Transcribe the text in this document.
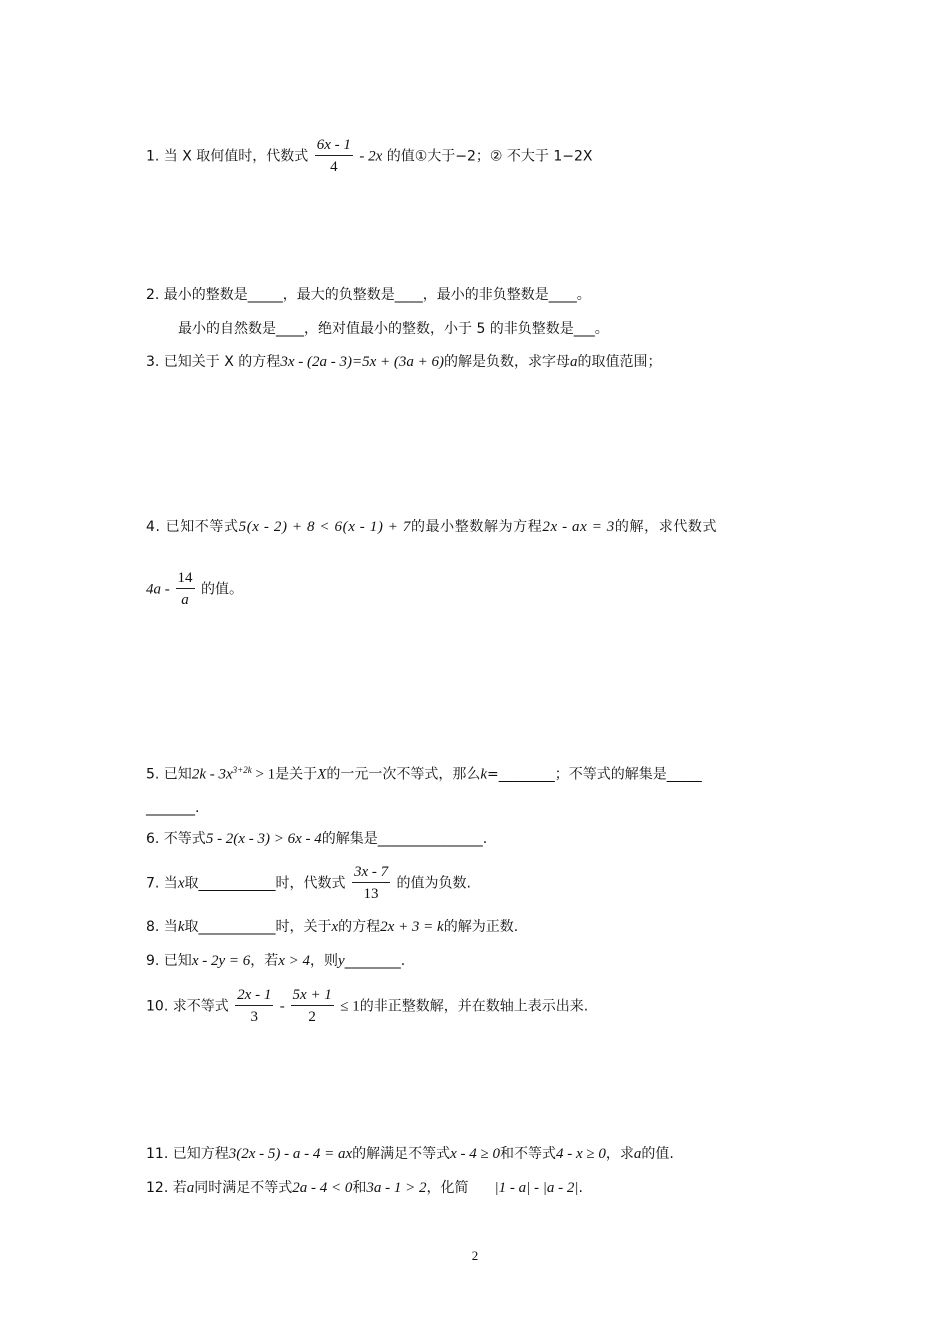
1. 当 X 取何值时，代数式 $\frac{6x - 1}{4} - 2x$ 的值①大于−2；② 不大于 1−2X
2. 最小的整数是_____，最大的负整数是____，最小的非负整数是____。
最小的自然数是____，绝对值最小的整数，小于 5 的非负整数是___。
3. 已知关于 X 的方程3x - (2a - 3)=5x + (3a + 6)的解是负数，求字母a的取值范围；
4. 已知不等式5(x - 2) + 8 < 6(x - 1) + 7的最小整数解为方程2x - ax = 3的解，求代数式
$4a - \frac{14}{a}$ 的值。
5. 已知$2k - 3x^{3+2k} > 1$是关于X的一元一次不等式，那么k=________；不等式的解集是_____
_______.
6. 不等式5 - 2(x - 3) > 6x - 4的解集是_______________.
7. 当x取___________时，代数式 $\frac{3x - 7}{13}$ 的值为负数.
8. 当k取___________时，关于x的方程2x + 3 = k的解为正数.
9. 已知x - 2y = 6，若x > 4，则y________.
10. 求不等式 $\frac{2x - 1}{3} - \frac{5x + 1}{2} \le 1$的非正整数解，并在数轴上表示出来.
11. 已知方程3(2x - 5) - a - 4 = ax的解满足不等式x - 4 ≥ 0和不等式4 - x ≥ 0，求a的值.
12. 若a同时满足不等式2a - 4 < 0和3a - 1 > 2，化简 |1 - a| - |a - 2|.
2
